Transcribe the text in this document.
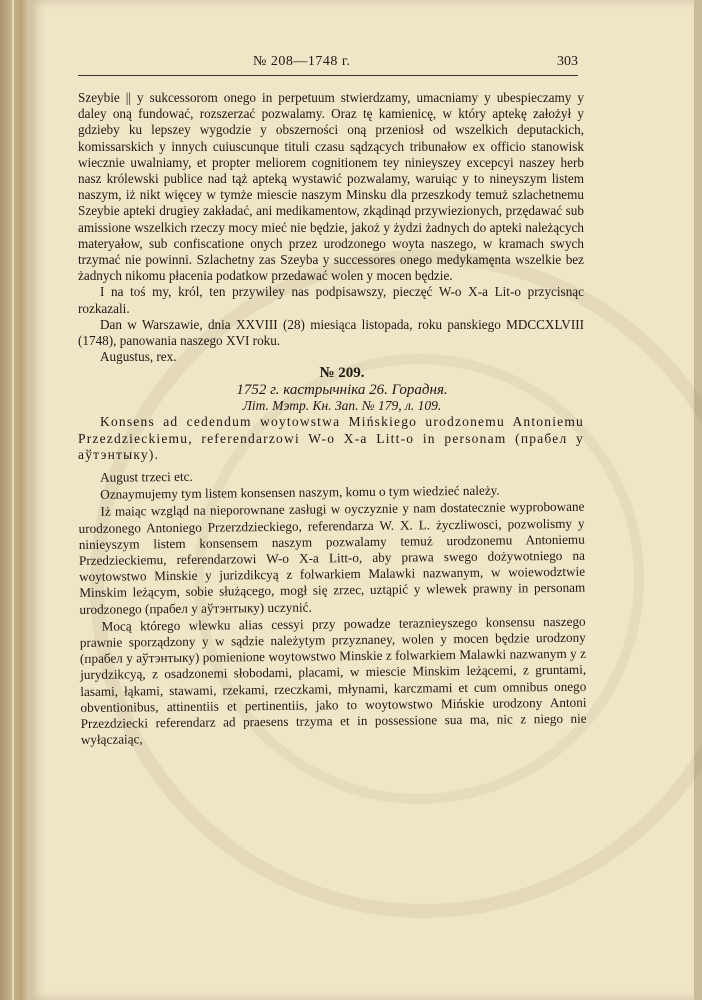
№ 208—1748 г.	303

Szeybie || y sukcessorom onego in perpetuum stwierdzamy, umacniamy y ubespieczamy y daley oną fundować, rozszerzać pozwalamy. Oraz tę kamienicę, w który aptekę założył y gdzieby ku lepszey wygodzie y obszerności oną przeniosł od wszelkich deputackich, komissarskich y innych cuiuscunque tituli czasu sądzących tribunałow ex officio stanowisk wiecznie uwalniamy, et propter meliorem cognitionem tey ninieyszey excepcyi naszey herb nasz królewski publice nad tąż apteką wystawić pozwalamy, waruiąc y to nineyszym listem naszym, iż nikt więcey w tymże miescie naszym Minsku dla przeszkody temuż szlachetnemu Szeybie apteki drugiey zakładać, ani medikamentow, zkądinąd przywiezionych, przędawać sub amissione wszelkich rzeczy mocy mieć nie będzie, jakoż y żydzi żadnych do apteki należących materyałow, sub confiscatione onych przez urodzonego woyta naszego, w kramach swych trzymać nie powinni. Szlachetny zas Szeyba y successores onego medykamęnta wszelkie bez żadnych nikomu płacenia podatkow przedawać wolen y mocen będzie.

I na toś my, król, ten przywiley nas podpisawszy, pieczęć W-o X-a Lit-o przycisnąc rozkazali.

Dan w Warszawie, dnia XXVIII (28) miesiąca listopada, roku panskiego MDCCXLVIII (1748), panowania naszego XVI roku.

Augustus, rex.

№ 209.

1752 г. кастрычніка 26. Горадня.

Літ. Мэтр. Кн. Зап. № 179, л. 109.

Konsens ad cedendum woytowstwa Mińskiego urodzonemu Antoniemu Przezdzieckiemu, referendarzowi W-o X-a Litt-o in personam (прабел у аўтэнтыку).

August trzeci etc.

Oznaymujemy tym listem konsensen naszym, komu o tym wiedzieć należy.

Iż maiąc wzgląd na nieporownane zasługi w oyczyznie y nam dostatecznie wyprobowane urodzonego Antoniego Przerzdzieckiego, referendarza W. X. L. życzliwosci, pozwolismy y ninieyszym listem konsensem naszym pozwalamy temuż urodzonemu Antoniemu Przedzieckiemu, referendarzowi W-o X-a Litt-o, aby prawa swego dożywotniego na woytowstwo Minskie y jurizdikcyą z folwarkiem Malawki nazwanym, w woiewodztwie Minskim leżącym, sobie służącego, mogł się zrzec, uztąpić y wlewek prawny in personam urodzonego (прабел у аўтэнтыку) uczynić.

Mocą którego wlewku alias cessyi przy powadze teraznieyszego konsensu naszego prawnie sporządzony y w sądzie należytym przyznaney, wolen y mocen będzie urodzony (прабел у аўтэнтыку) pomienione woytowstwo Minskie z folwarkiem Malawki nazwanym y z jurydzikcyą, z osadzonemi słobodami, placami, w miescie Minskim leżącemi, z gruntami, lasami, łąkami, stawami, rzekami, rzeczkami, młynami, karczmami et cum omnibus onego obventionibus, attinentiis et pertinentiis, jako to woytowstwo Mińskie urodzony Antoni Przezdziecki referendarz ad praesens trzyma et in possessione sua ma, nic z niego nie wyłączaiąc,
